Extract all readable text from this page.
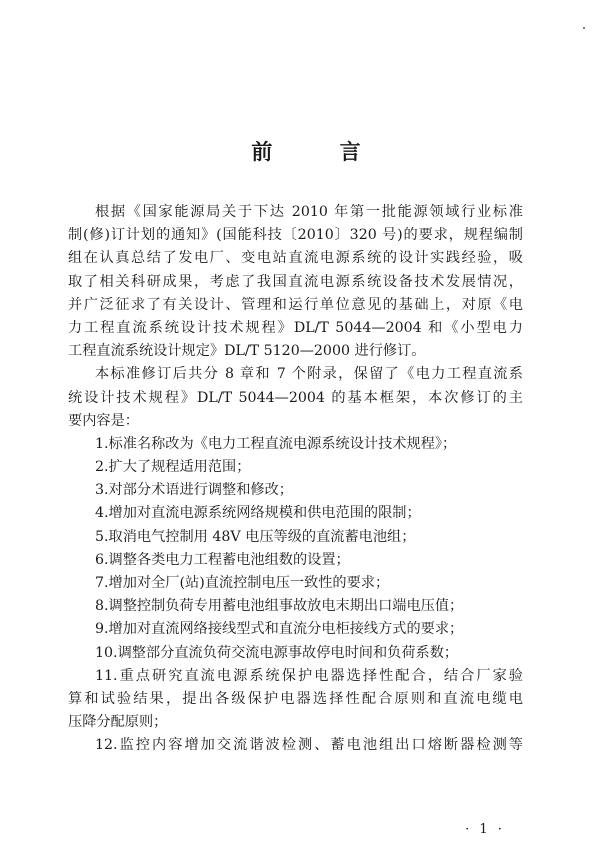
前 言
根据《国家能源局关于下达 2010 年第一批能源领域行业标准
制(修)订计划的通知》(国能科技〔2010〕320 号)的要求，规程编制
组在认真总结了发电厂、变电站直流电源系统的设计实践经验，吸
取了相关科研成果，考虑了我国直流电源系统设备技术发展情况，
并广泛征求了有关设计、管理和运行单位意见的基础上，对原《电
力工程直流系统设计技术规程》DL/T 5044—2004 和《小型电力
工程直流系统设计规定》DL/T 5120—2000 进行修订。
本标准修订后共分 8 章和 7 个附录，保留了《电力工程直流系
统设计技术规程》DL/T 5044—2004 的基本框架，本次修订的主
要内容是：
1.标准名称改为《电力工程直流电源系统设计技术规程》；
2.扩大了规程适用范围；
3.对部分术语进行调整和修改；
4.增加对直流电源系统网络规模和供电范围的限制；
5.取消电气控制用 48V 电压等级的直流蓄电池组；
6.调整各类电力工程蓄电池组数的设置；
7.增加对全厂(站)直流控制电压一致性的要求；
8.调整控制负荷专用蓄电池组事故放电末期出口端电压值；
9.增加对直流网络接线型式和直流分电柜接线方式的要求；
10.调整部分直流负荷交流电源事故停电时间和负荷系数；
11.重点研究直流电源系统保护电器选择性配合，结合厂家验
算和试验结果，提出各级保护电器选择性配合原则和直流电缆电
压降分配原则；
12.监控内容增加交流谐波检测、蓄电池组出口熔断器检测等
· 1 ·
